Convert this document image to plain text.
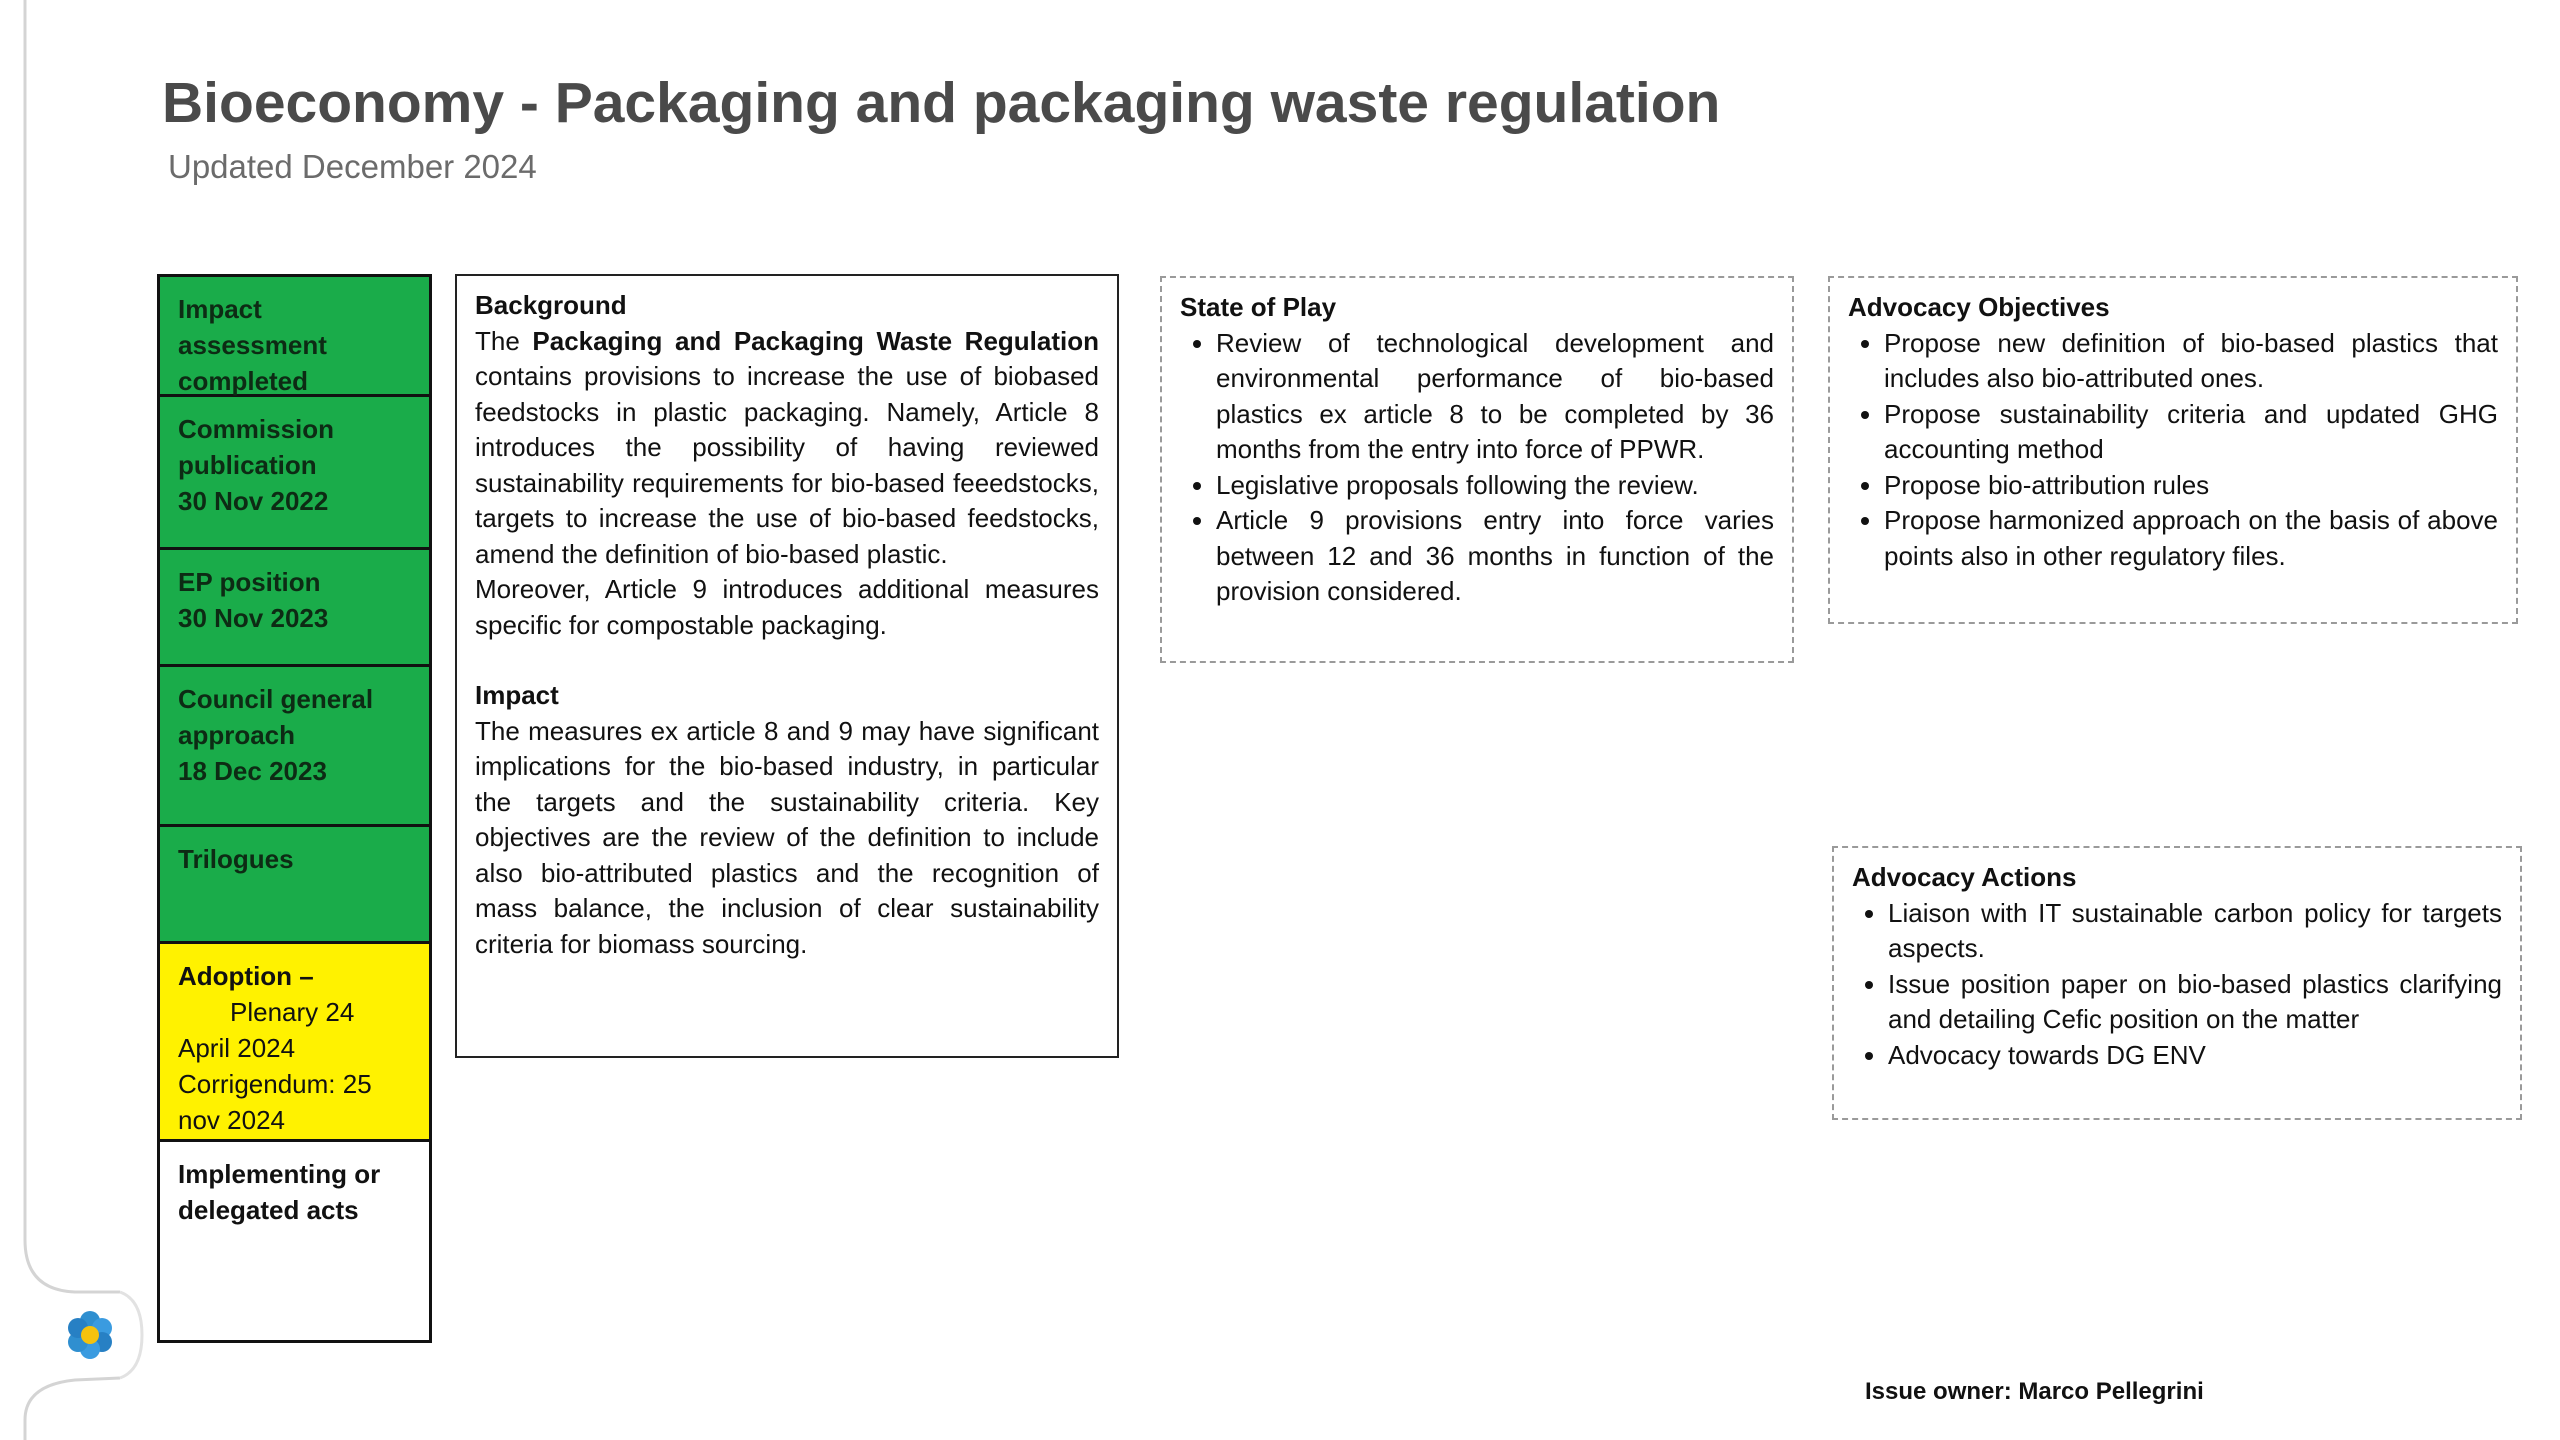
Bioeconomy - Packaging and packaging waste regulation
Updated December 2024
Impact assessment
completed
Commission
publication
30 Nov 2022
EP position
30 Nov 2023
Council general
approach
18 Dec 2023
Trilogues
Adoption –
Plenary 24
April 2024
Corrigendum: 25
nov 2024
Implementing or
delegated acts
Background

The Packaging and Packaging Waste Regulation contains provisions to increase the use of biobased feedstocks in plastic packaging. Namely, Article 8 introduces the possibility of having reviewed sustainability requirements for bio-based feeedstocks, targets to increase the use of bio-based feedstocks, amend the definition of bio-based plastic.

Moreover, Article 9 introduces additional measures specific for compostable packaging.

Impact

The measures ex article 8 and 9 may have significant implications for the bio-based industry, in particular the targets and the sustainability criteria. Key objectives are the review of the definition to include also bio-attributed plastics and the recognition of mass balance, the inclusion of clear sustainability criteria for biomass sourcing.

State of Play
• Review of technological development and environmental performance of bio-based plastics ex article 8 to be completed by 36 months from the entry into force of PPWR.
• Legislative proposals following the review.
• Article 9 provisions entry into force varies between 12 and 36 months in function of the provision considered.
Advocacy Objectives
• Propose new definition of bio-based plastics that includes also bio-attributed ones.
• Propose sustainability criteria and updated GHG accounting method
• Propose bio-attribution rules
• Propose harmonized approach on the basis of above points also in other regulatory files.
Advocacy Actions
• Liaison with IT sustainable carbon policy for targets aspects.
• Issue position paper on bio-based plastics clarifying and detailing Cefic position on the matter
• Advocacy towards DG ENV
Issue owner: Marco Pellegrini
